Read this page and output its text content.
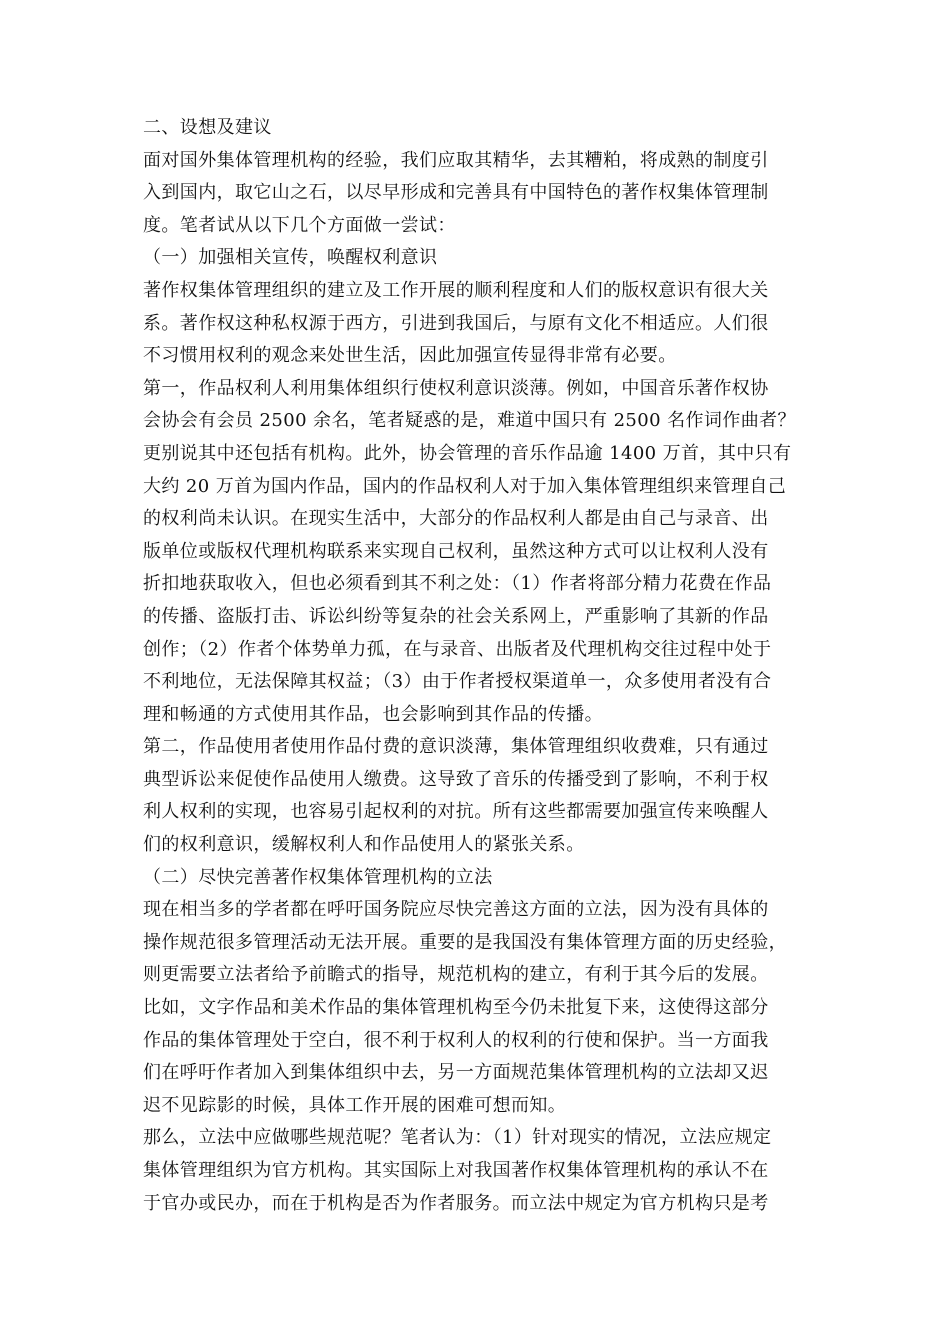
二、设想及建议
面对国外集体管理机构的经验，我们应取其精华，去其糟粕，将成熟的制度引
入到国内，取它山之石，以尽早形成和完善具有中国特色的著作权集体管理制
度。笔者试从以下几个方面做一尝试：
（一）加强相关宣传，唤醒权利意识
著作权集体管理组织的建立及工作开展的顺利程度和人们的版权意识有很大关
系。著作权这种私权源于西方，引进到我国后，与原有文化不相适应。人们很
不习惯用权利的观念来处世生活，因此加强宣传显得非常有必要。
第一，作品权利人利用集体组织行使权利意识淡薄。例如，中国音乐著作权协
会协会有会员 2500 余名，笔者疑惑的是，难道中国只有 2500 名作词作曲者？
更别说其中还包括有机构。此外，协会管理的音乐作品逾 1400 万首，其中只有
大约 20 万首为国内作品，国内的作品权利人对于加入集体管理组织来管理自己
的权利尚未认识。在现实生活中，大部分的作品权利人都是由自己与录音、出
版单位或版权代理机构联系来实现自己权利，虽然这种方式可以让权利人没有
折扣地获取收入，但也必须看到其不利之处：（1）作者将部分精力花费在作品
的传播、盗版打击、诉讼纠纷等复杂的社会关系网上，严重影响了其新的作品
创作；（2）作者个体势单力孤，在与录音、出版者及代理机构交往过程中处于
不利地位，无法保障其权益；（3）由于作者授权渠道单一，众多使用者没有合
理和畅通的方式使用其作品，也会影响到其作品的传播。
第二，作品使用者使用作品付费的意识淡薄，集体管理组织收费难，只有通过
典型诉讼来促使作品使用人缴费。这导致了音乐的传播受到了影响，不利于权
利人权利的实现，也容易引起权利的对抗。所有这些都需要加强宣传来唤醒人
们的权利意识，缓解权利人和作品使用人的紧张关系。
（二）尽快完善著作权集体管理机构的立法
现在相当多的学者都在呼吁国务院应尽快完善这方面的立法，因为没有具体的
操作规范很多管理活动无法开展。重要的是我国没有集体管理方面的历史经验，
则更需要立法者给予前瞻式的指导，规范机构的建立，有利于其今后的发展。
比如，文字作品和美术作品的集体管理机构至今仍未批复下来，这使得这部分
作品的集体管理处于空白，很不利于权利人的权利的行使和保护。当一方面我
们在呼吁作者加入到集体组织中去，另一方面规范集体管理机构的立法却又迟
迟不见踪影的时候，具体工作开展的困难可想而知。
那么，立法中应做哪些规范呢？笔者认为：（1）针对现实的情况，立法应规定
集体管理组织为官方机构。其实国际上对我国著作权集体管理机构的承认不在
于官办或民办，而在于机构是否为作者服务。而立法中规定为官方机构只是考
